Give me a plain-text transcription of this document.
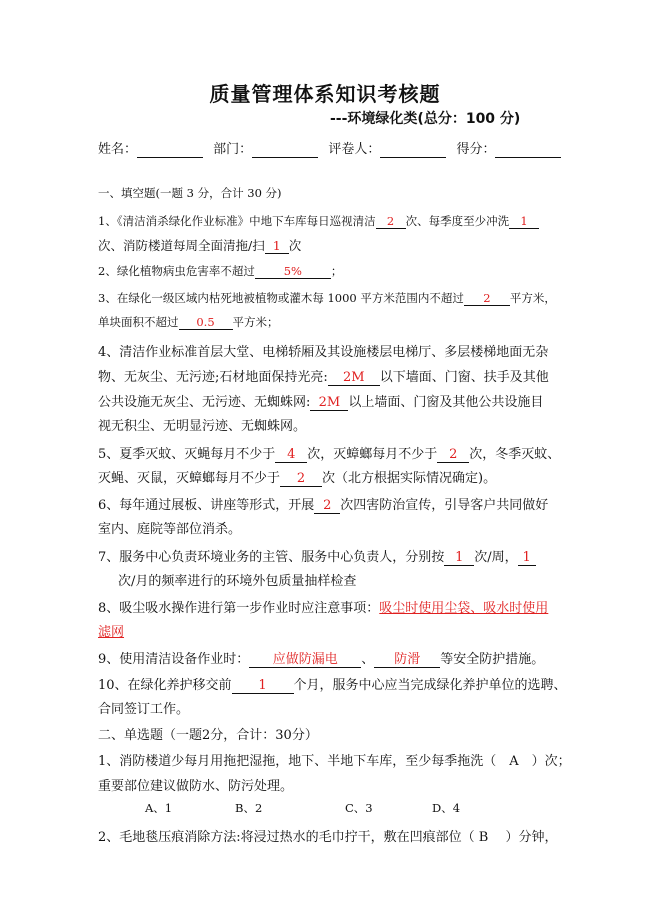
质量管理体系知识考核题
---环境绿化类(总分：100 分)
姓名：	部门：	评卷人：	得分：
一、填空题(一题 3 分，合计 30 分)
1、《清洁消杀绿化作业标准》中地下车库每日巡视清洁 2 次、每季度至少冲洗 1
次、消防楼道每周全面清拖/扫 1 次
2、绿化植物病虫危害率不超过	5%	；
3、在绿化一级区域内枯死地被植物或灌木每 1000 平方米范围内不超过 2 平方米，
单块面积不超过 0.5 平方米；
4、清洁作业标准首层大堂、电梯轿厢及其设施楼层电梯厅、多层楼梯地面无杂
物、无灰尘、无污迹;石材地面保持光亮: 2M 以下墙面、门窗、扶手及其他
公共设施无灰尘、无污迹、无蜘蛛网: 2M 以上墙面、门窗及其他公共设施目
视无积尘、无明显污迹、无蜘蛛网。
5、夏季灭蚊、灭蝇每月不少于 4 次，灭蟑螂每月不少于 2 次，冬季灭蚊、
灭蝇、灭鼠，灭蟑螂每月不少于 2 次（北方根据实际情况确定)。
6、每年通过展板、讲座等形式，开展 2 次四害防治宣传，引导客户共同做好
室内、庭院等部位消杀。
7、服务中心负责环境业务的主管、服务中心负责人，分别按 1 次/周， 1
次/月的频率进行的环境外包质量抽样检查
8、吸尘吸水操作进行第一步作业时应注意事项：吸尘时使用尘袋、吸水时使用
滤网
9、使用清洁设备作业时： 应做防漏电 、 防滑 等安全防护措施。
10、在绿化养护移交前 1 个月，服务中心应当完成绿化养护单位的选聘、
合同签订工作。
二、单选题（一题2分，合计：30分）
1、消防楼道少每月用拖把湿拖，地下、半地下车库，至少每季拖洗（　A　）次；
重要部位建议做防水、防污处理。
A、1	B、2	C、3	D、4
2、毛地毯压痕消除方法:将浸过热水的毛巾拧干，敷在凹痕部位（ B　 ）分钟，
